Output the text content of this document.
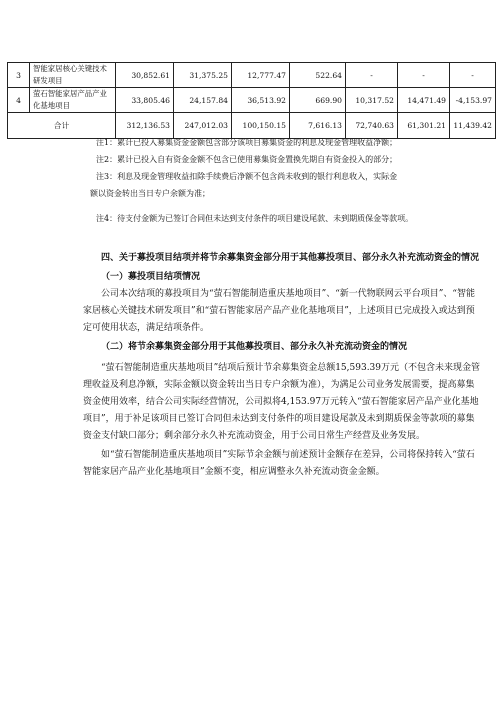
3	智能家居核心关键技术研发项目	30,852.61	31,375.25	12,777.47	522.64	-	-	-
4	萤石智能家居产品产业化基地项目	33,805.46	24,157.84	36,513.92	669.90	10,317.52	14,471.49	-4,153.97
合计		312,136.53	247,012.03	100,150.15	7,616.13	72,740.63	61,301.21	11,439.42

注1：累计已投入募集资金金额包含部分该项目募集资金的利息及现金管理收益净额；

注2：累计已投入自有资金金额不包含已使用募集资金置换先期自有资金投入的部分；

注3：利息及现金管理收益扣除手续费后净额不包含尚未收到的银行利息收入，实际金

额以资金转出当日专户余额为准；

注4：待支付金额为已签订合同但未达到支付条件的项目建设尾款、未到期质保金等款项。

四、关于募投项目结项并将节余募集资金部分用于其他募投项目、部分永久补充流动资金的情况

（一）募投项目结项情况

公司本次结项的募投项目为“萤石智能制造重庆基地项目”、“新一代物联网云平台项目”、“智能家居核心关键技术研发项目”和“萤石智能家居产品产业化基地项目”，上述项目已完成投入或达到预定可使用状态，满足结项条件。

（二）将节余募集资金部分用于其他募投项目、部分永久补充流动资金的情况

“萤石智能制造重庆基地项目”结项后预计节余募集资金总额15,593.39万元（不包含未来现金管理收益及利息净额，实际金额以资金转出当日专户余额为准），为满足公司业务发展需要，提高募集资金使用效率，结合公司实际经营情况，公司拟将4,153.97万元转入“萤石智能家居产品产业化基地项目”，用于补足该项目已签订合同但未达到支付条件的项目建设尾款及未到期质保金等款项的募集资金支付缺口部分；剩余部分永久补充流动资金，用于公司日常生产经营及业务发展。

如“萤石智能制造重庆基地项目”实际节余金额与前述预计金额存在差异，公司将保持转入“萤石智能家居产品产业化基地项目”金额不变，相应调整永久补充流动资金金额。
